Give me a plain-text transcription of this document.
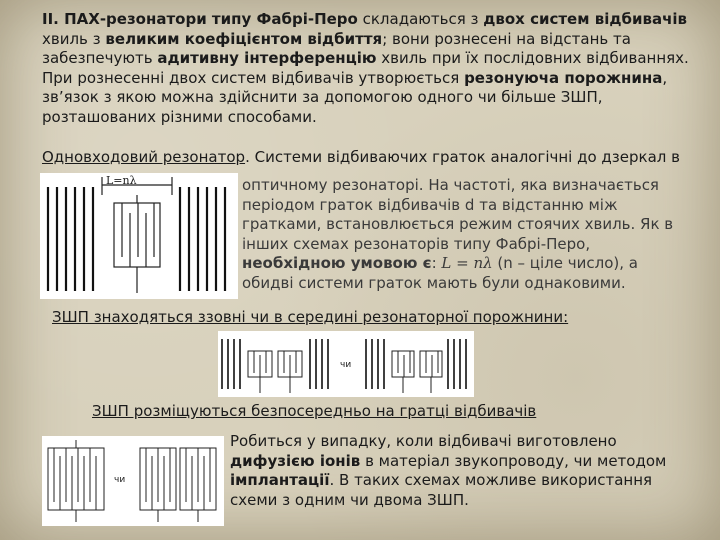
II. ПАХ-резонатори типу Фабрі-Перо складаються з двох систем відбивачів хвиль з великим коефіцієнтом відбиття; вони рознесені на відстань та забезпечують адитивну інтерференцію хвиль при їх послідовних відбиваннях. При рознесенні двох систем відбивачів утворюється резонуюча порожнина, зв’язок з якою можна здійснити за допомогою одного чи більше ЗШП, розташованих різними способами.
Одновходовий резонатор. Системи відбиваючих граток аналогічні до дзеркал в
L=nλ	оптичному резонаторі. На частоті, яка визначається періодом граток відбивачів d та відстанню між гратками, встановлюється режим стоячих хвиль. Як в інших схемах резонаторів типу Фабрі-Перо, необхідною умовою є: L = nλ (n – ціле число), а обидві системи граток мають були однаковими.
ЗШП знаходяться ззовні чи в середині резонаторної порожнини:
чи
ЗШП розміщуються безпосередньо на гратці відбивачів
чи
Робиться у випадку, коли відбивачі виготовлено дифузією іонів в матеріал звукопроводу, чи методом імплантації. В таких схемах можливе використання схеми з одним чи двома ЗШП.
